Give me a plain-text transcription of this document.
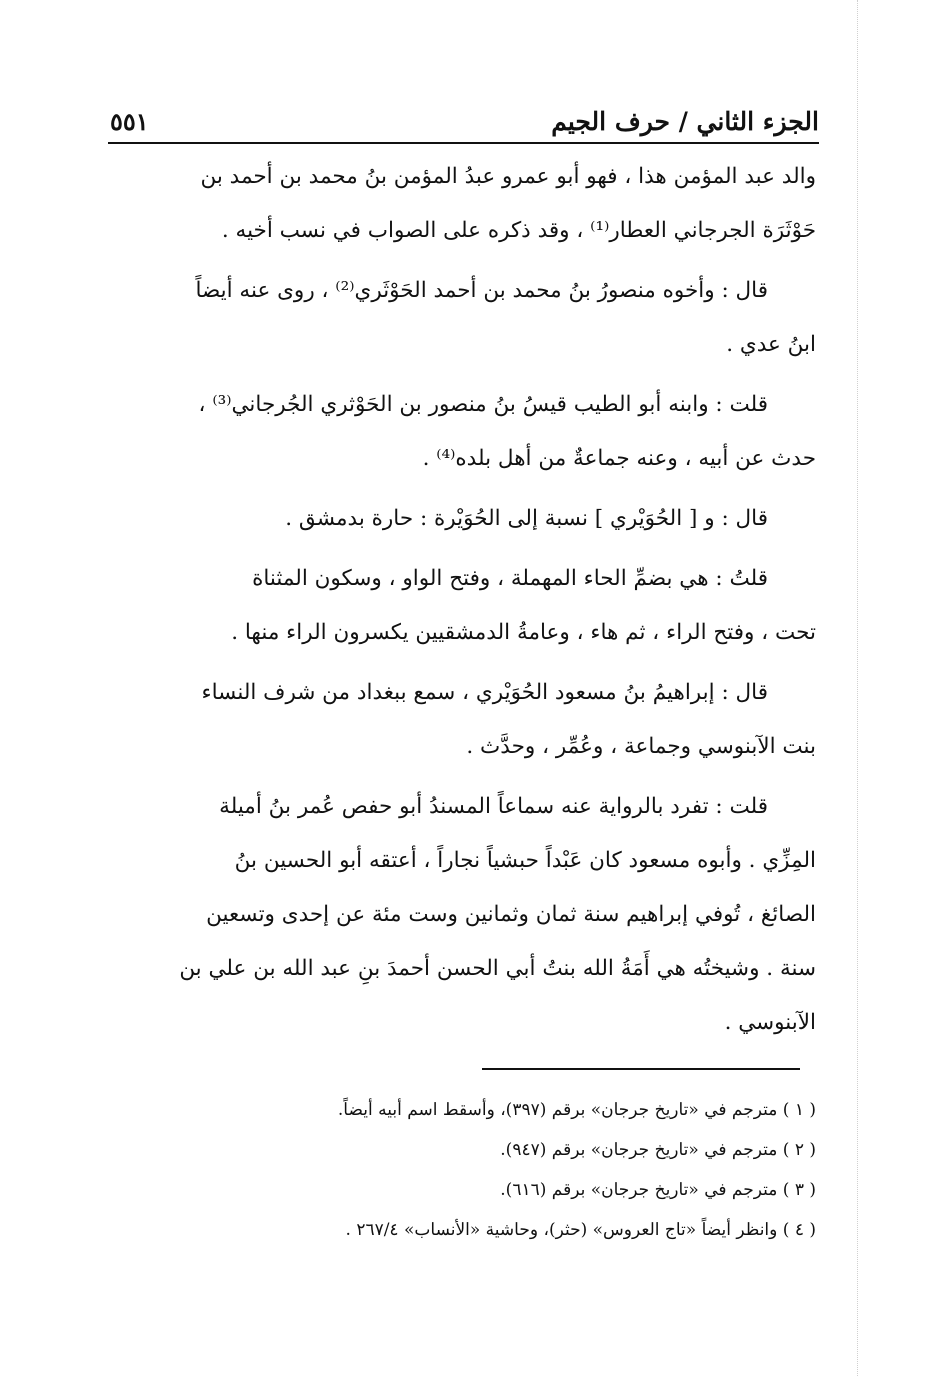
الجزء الثاني / حرف الجيم
٥٥١

والد عبد المؤمن هذا ، فهو أبو عمرو عبدُ المؤمن بنُ محمد بن أحمد بن
حَوْثَرَة الجرجاني العطار⁽¹⁾ ، وقد ذكره على الصواب في نسب أخيه .

قال : وأخوه منصورُ بنُ محمد بن أحمد الحَوْثَري⁽²⁾ ، روى عنه أيضاً
ابنُ عدي .

قلت : وابنه أبو الطيب قيسُ بنُ منصور بن الحَوْثري الجُرجاني⁽³⁾ ،
حدث عن أبيه ، وعنه جماعةٌ من أهل بلده⁽⁴⁾ .

قال : و [ الحُوَيْري ] نسبة إلى الحُوَيْرة : حارة بدمشق .

قلتُ : هي بضمِّ الحاء المهملة ، وفتح الواو ، وسكون المثناة
تحت ، وفتح الراء ، ثم هاء ، وعامةُ الدمشقيين يكسرون الراء منها .

قال : إبراهيمُ بنُ مسعود الحُوَيْري ، سمع ببغداد من شرف النساء
بنت الآبنوسي وجماعة ، وعُمِّر ، وحدَّث .

قلت : تفرد بالرواية عنه سماعاً المسندُ أبو حفص عُمر بنُ أميلة
المِزِّي . وأبوه مسعود كان عَبْداً حبشياً نجاراً ، أعتقه أبو الحسين بنُ
الصائغ ، تُوفي إبراهيم سنة ثمان وثمانين وست مئة عن إحدى وتسعين
سنة . وشيختُه هي أَمَةُ الله بنتُ أبي الحسن أحمدَ بنِ عبد الله بن علي بن
الآبنوسي .

( ١ ) مترجم في «تاريخ جرجان» برقم (٣٩٧)، وأسقط اسم أبيه أيضاً.
( ٢ ) مترجم في «تاريخ جرجان» برقم (٩٤٧).
( ٣ ) مترجم في «تاريخ جرجان» برقم (٦١٦).
( ٤ ) وانظر أيضاً «تاج العروس» (حثر)، وحاشية «الأنساب» ٢٦٧/٤ .
